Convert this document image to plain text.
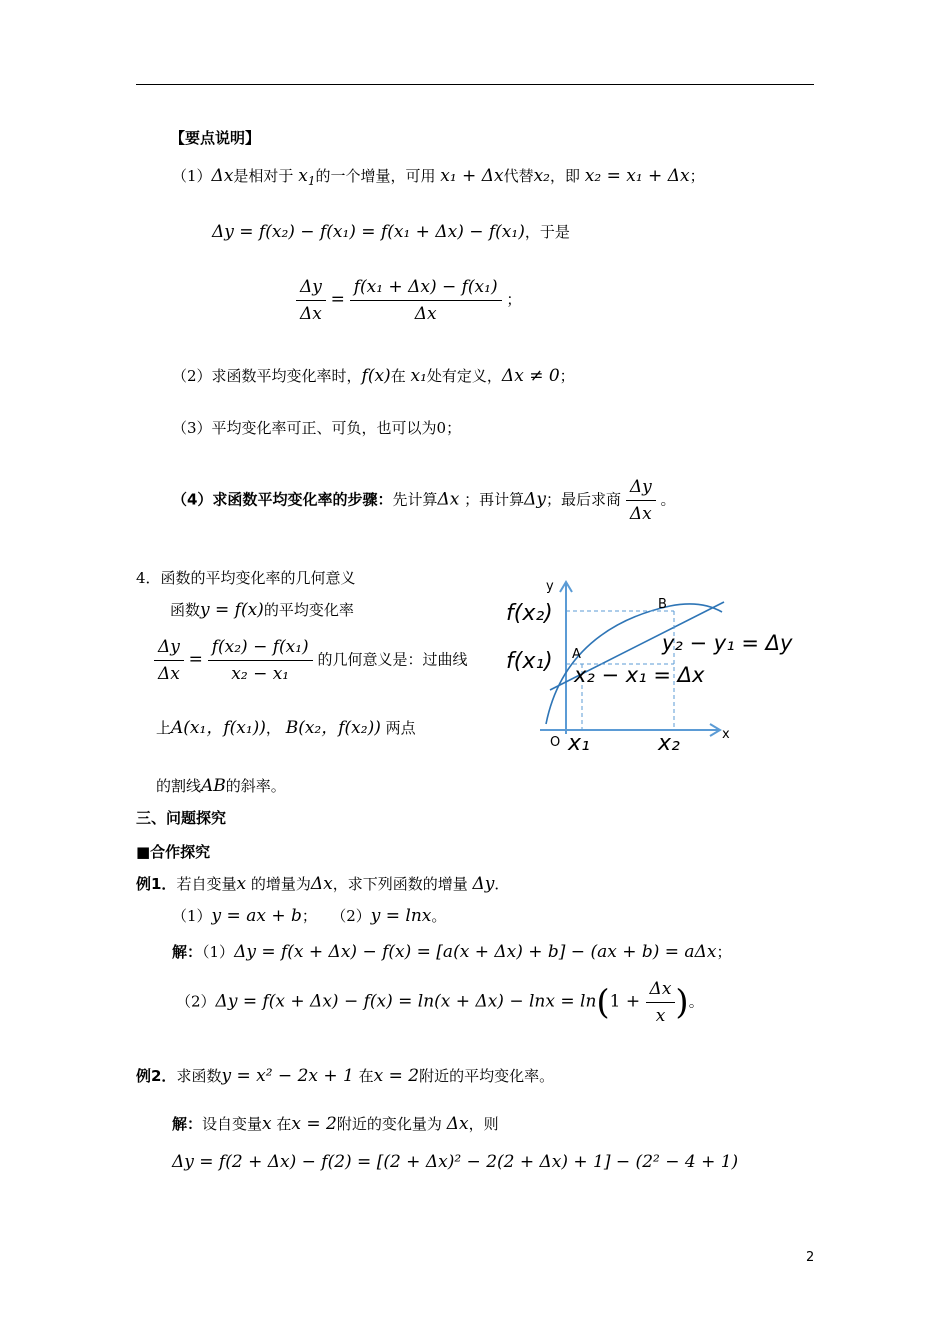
【要点说明】
（1）Δx是相对于 $x_1$的一个增量，可用 x₁ + Δx代替x₂，即 x₂ = x₁ + Δx；
Δy = f(x₂) − f(x₁) = f(x₁ + Δx) − f(x₁)，于是
$\frac{\Delta y}{\Delta x} = \frac{\text{f(x₁ + Δx) − f(x₁)}}{\Delta x}$ ；
（2）求函数平均变化率时，f(x)在 x₁处有定义，Δx ≠ 0；
（3）平均变化率可正、可负，也可以为0；
（4）求函数平均变化率的步骤：先计算Δx ；再计算Δy；最后求商 $\frac{\Delta y}{\Delta x}$ 。
4．函数的平均变化率的几何意义
函数y = f(x)的平均变化率
$\frac{\Delta y}{\Delta x} = \frac{\text{f(x₂) − f(x₁)}}{\text{x₂ − x₁}}$ 的几何意义是：过曲线
上A(x₁，f(x₁))， B(x₂，f(x₂)) 两点
的割线AB的斜率。
y
x
O
A
B
f(x₂)
f(x₁)
y₂ − y₁ = Δy
x₂ − x₁ = Δx
x₁	x₂
三、问题探究
■合作探究
例1．若自变量x 的增量为Δx，求下列函数的增量 Δy．
（1）y = ax + b； （2）y = lnx。
解：（1）Δy = f(x + Δx) − f(x) = [a(x + Δx) + b] − (ax + b) = aΔx；
$(2)\Delta y = f(x + \Delta x) - f(x) = \ln(x + \Delta x) - \ln x = \ln(1 + \frac{\Delta x}{x}$ )。
例2．求函数y = x² − 2x + 1 在x = 2附近的平均变化率。
解：设自变量x 在x = 2附近的变化量为 Δx，则
Δy = f(2 + Δx) − f(2) = [(2 + Δx)² − 2(2 + Δx) + 1] − (2² − 4 + 1)
2
